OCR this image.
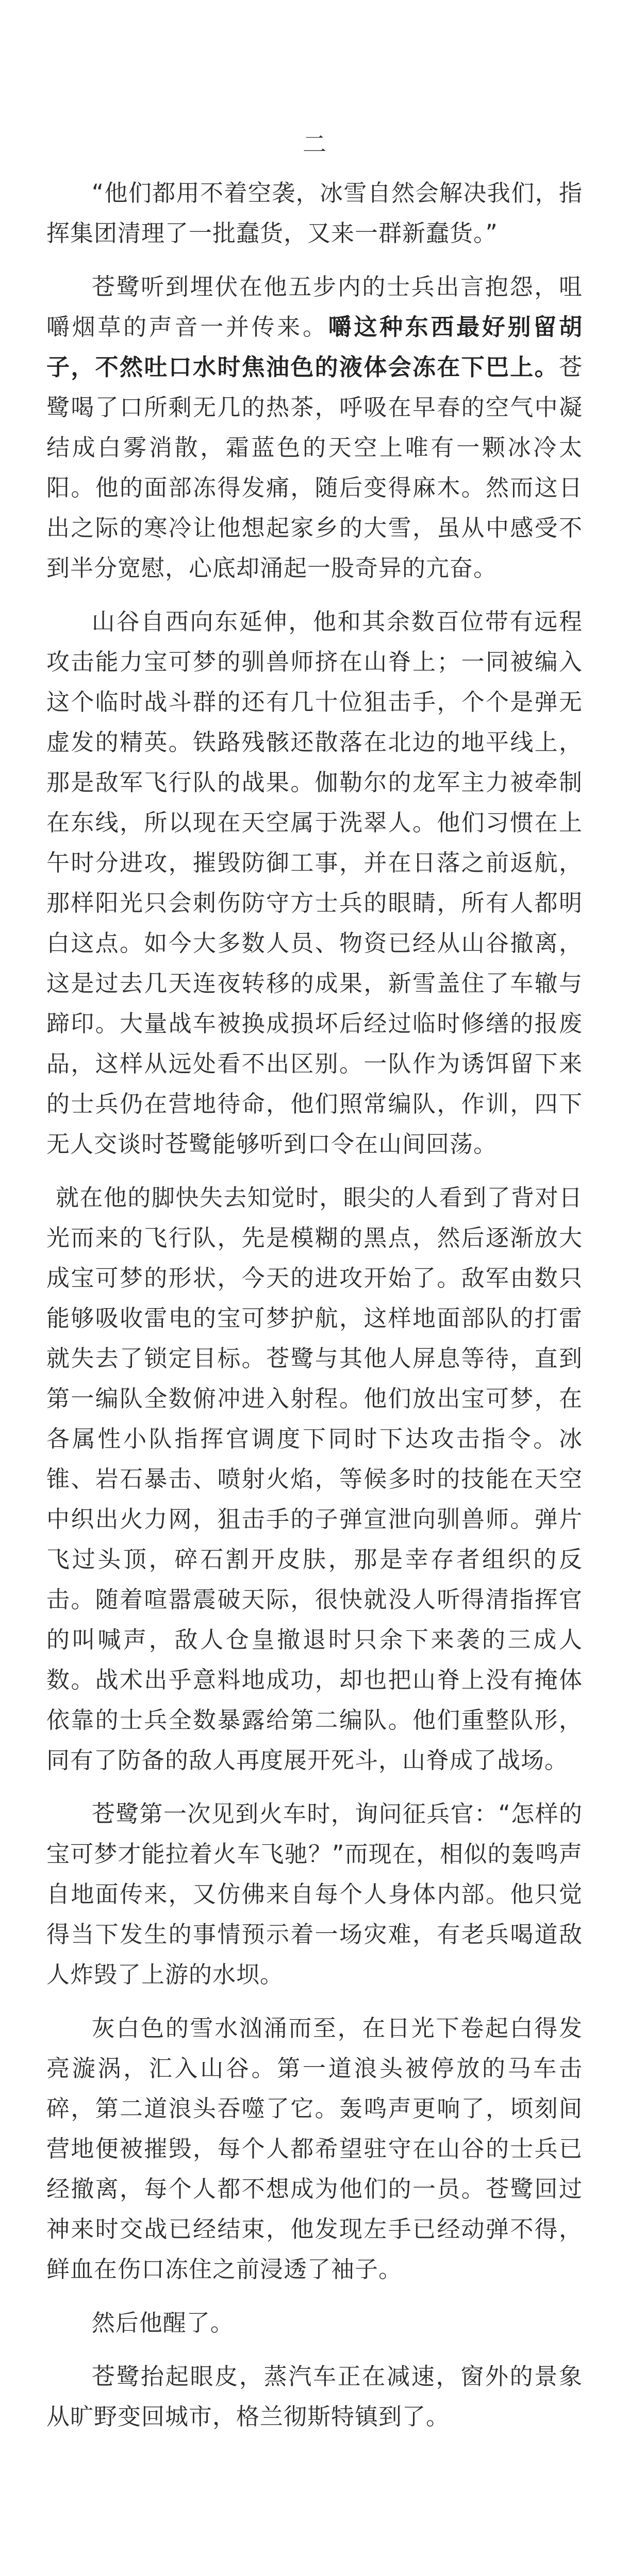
二

“他们都用不着空袭，冰雪自然会解决我们，指挥集团清理了一批蠢货，又来一群新蠢货。”

苍鹭听到埋伏在他五步内的士兵出言抱怨，咀嚼烟草的声音一并传来。嚼这种东西最好别留胡子，不然吐口水时焦油色的液体会冻在下巴上。苍鹭喝了口所剩无几的热茶，呼吸在早春的空气中凝结成白雾消散，霜蓝色的天空上唯有一颗冰冷太阳。他的面部冻得发痛，随后变得麻木。然而这日出之际的寒冷让他想起家乡的大雪，虽从中感受不到半分宽慰，心底却涌起一股奇异的亢奋。

山谷自西向东延伸，他和其余数百位带有远程攻击能力宝可梦的驯兽师挤在山脊上；一同被编入这个临时战斗群的还有几十位狙击手，个个是弹无虚发的精英。铁路残骸还散落在北边的地平线上，那是敌军飞行队的战果。伽勒尔的龙军主力被牵制在东线，所以现在天空属于洗翠人。他们习惯在上午时分进攻，摧毁防御工事，并在日落之前返航，那样阳光只会刺伤防守方士兵的眼睛，所有人都明白这点。如今大多数人员、物资已经从山谷撤离，这是过去几天连夜转移的成果，新雪盖住了车辙与蹄印。大量战车被换成损坏后经过临时修缮的报废品，这样从远处看不出区别。一队作为诱饵留下来的士兵仍在营地待命，他们照常编队，作训，四下无人交谈时苍鹭能够听到口令在山间回荡。

就在他的脚快失去知觉时，眼尖的人看到了背对日光而来的飞行队，先是模糊的黑点，然后逐渐放大成宝可梦的形状，今天的进攻开始了。敌军由数只能够吸收雷电的宝可梦护航，这样地面部队的打雷就失去了锁定目标。苍鹭与其他人屏息等待，直到第一编队全数俯冲进入射程。他们放出宝可梦，在各属性小队指挥官调度下同时下达攻击指令。冰锥、岩石暴击、喷射火焰，等候多时的技能在天空中织出火力网，狙击手的子弹宣泄向驯兽师。弹片飞过头顶，碎石割开皮肤，那是幸存者组织的反击。随着喧嚣震破天际，很快就没人听得清指挥官的叫喊声，敌人仓皇撤退时只余下来袭的三成人数。战术出乎意料地成功，却也把山脊上没有掩体依靠的士兵全数暴露给第二编队。他们重整队形，同有了防备的敌人再度展开死斗，山脊成了战场。

苍鹭第一次见到火车时，询问征兵官：“怎样的宝可梦才能拉着火车飞驰？”而现在，相似的轰鸣声自地面传来，又仿佛来自每个人身体内部。他只觉得当下发生的事情预示着一场灾难，有老兵喝道敌人炸毁了上游的水坝。

灰白色的雪水汹涌而至，在日光下卷起白得发亮漩涡，汇入山谷。第一道浪头被停放的马车击碎，第二道浪头吞噬了它。轰鸣声更响了，顷刻间营地便被摧毁，每个人都希望驻守在山谷的士兵已经撤离，每个人都不想成为他们的一员。苍鹭回过神来时交战已经结束，他发现左手已经动弹不得，鲜血在伤口冻住之前浸透了袖子。

然后他醒了。

苍鹭抬起眼皮，蒸汽车正在减速，窗外的景象从旷野变回城市，格兰彻斯特镇到了。
